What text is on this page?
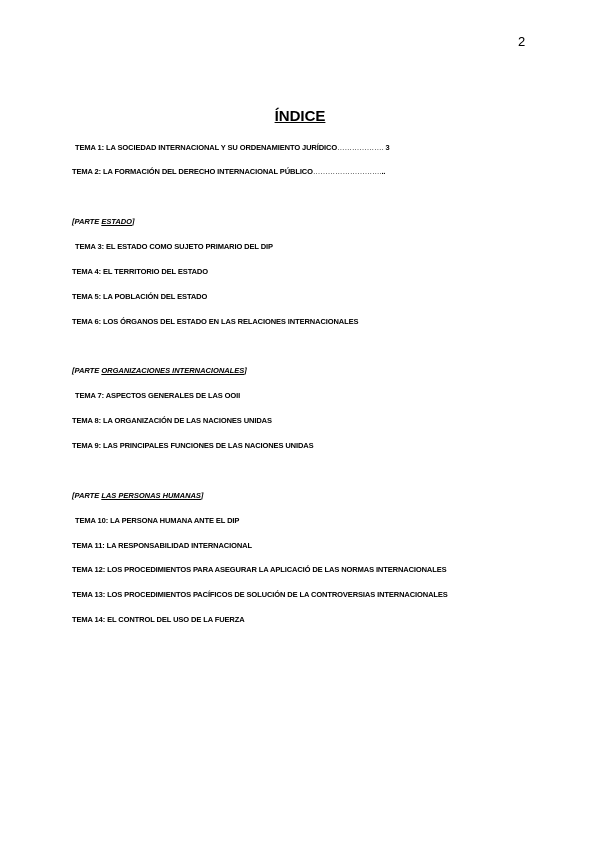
2
ÍNDICE
TEMA 1: LA SOCIEDAD INTERNACIONAL Y SU ORDENAMIENTO JURÍDICO………………. 3
TEMA 2: LA FORMACIÓN DEL DERECHO INTERNACIONAL PÚBLICO………………………...
[PARTE ESTADO]
TEMA 3: EL ESTADO COMO SUJETO PRIMARIO DEL DIP
TEMA 4: EL TERRITORIO DEL ESTADO
TEMA 5: LA POBLACIÓN DEL ESTADO
TEMA 6: LOS ÓRGANOS DEL ESTADO EN LAS RELACIONES INTERNACIONALES
[PARTE ORGANIZACIONES INTERNACIONALES]
TEMA 7: ASPECTOS GENERALES DE LAS OOII
TEMA 8: LA ORGANIZACIÓN DE LAS NACIONES UNIDAS
TEMA 9: LAS PRINCIPALES FUNCIONES DE LAS NACIONES UNIDAS
[PARTE LAS PERSONAS HUMANAS]
TEMA 10: LA PERSONA HUMANA ANTE EL DIP
TEMA 11: LA RESPONSABILIDAD INTERNACIONAL
TEMA 12: LOS PROCEDIMIENTOS PARA ASEGURAR LA APLICACIÓ DE LAS NORMAS INTERNACIONALES
TEMA 13: LOS PROCEDIMIENTOS PACÍFICOS DE SOLUCIÓN DE LA CONTROVERSIAS INTERNACIONALES
TEMA 14: EL CONTROL DEL USO DE LA FUERZA
